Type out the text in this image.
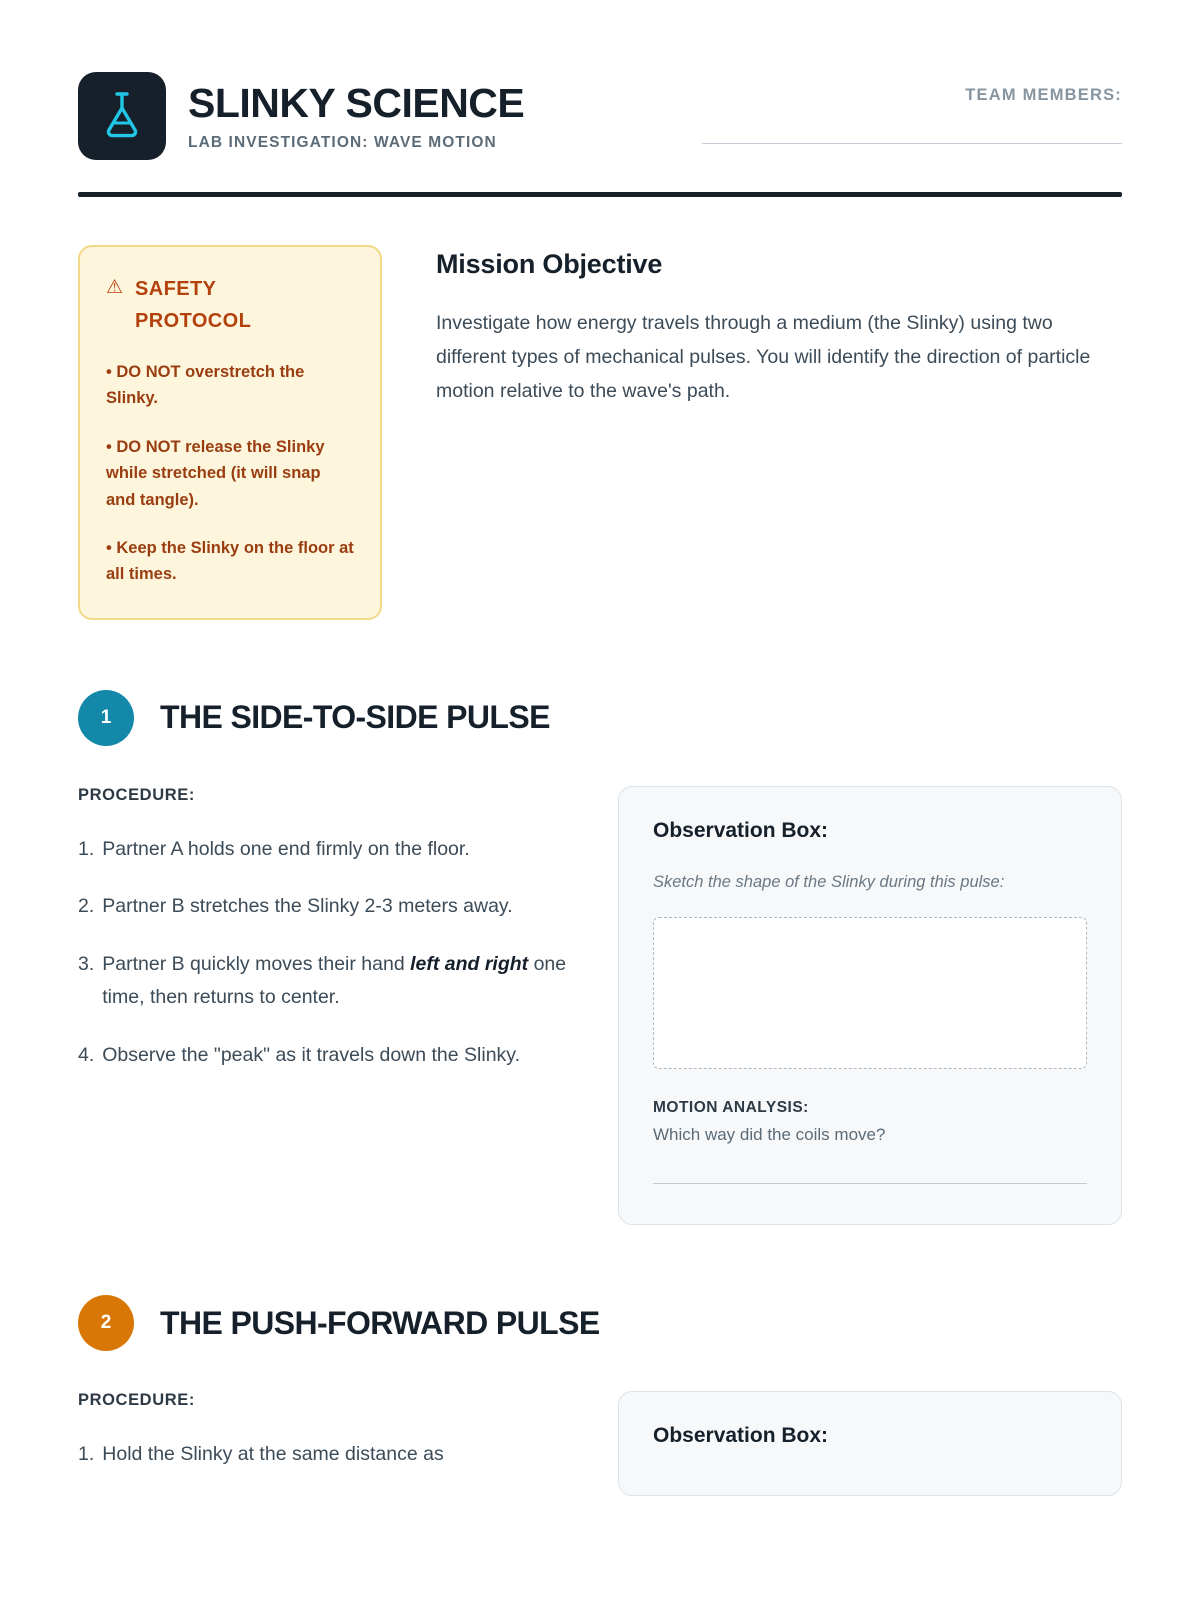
SLINKY SCIENCE
LAB INVESTIGATION: WAVE MOTION
TEAM MEMBERS:
⚠ SAFETY PROTOCOL
• DO NOT overstretch the Slinky.
• DO NOT release the Slinky while stretched (it will snap and tangle).
• Keep the Slinky on the floor at all times.
Mission Objective

Investigate how energy travels through a medium (the Slinky) using two different types of mechanical pulses. You will identify the direction of particle motion relative to the wave's path.

1	THE SIDE-TO-SIDE PULSE
PROCEDURE:
1. Partner A holds one end firmly on the floor.
2. Partner B stretches the Slinky 2-3 meters away.
3. Partner B quickly moves their hand left and right one time, then returns to center.
4. Observe the "peak" as it travels down the Slinky.
Observation Box:
Sketch the shape of the Slinky during this pulse:
MOTION ANALYSIS:
Which way did the coils move?
2	THE PUSH-FORWARD PULSE
PROCEDURE:
1. Hold the Slinky at the same distance as
Observation Box:
